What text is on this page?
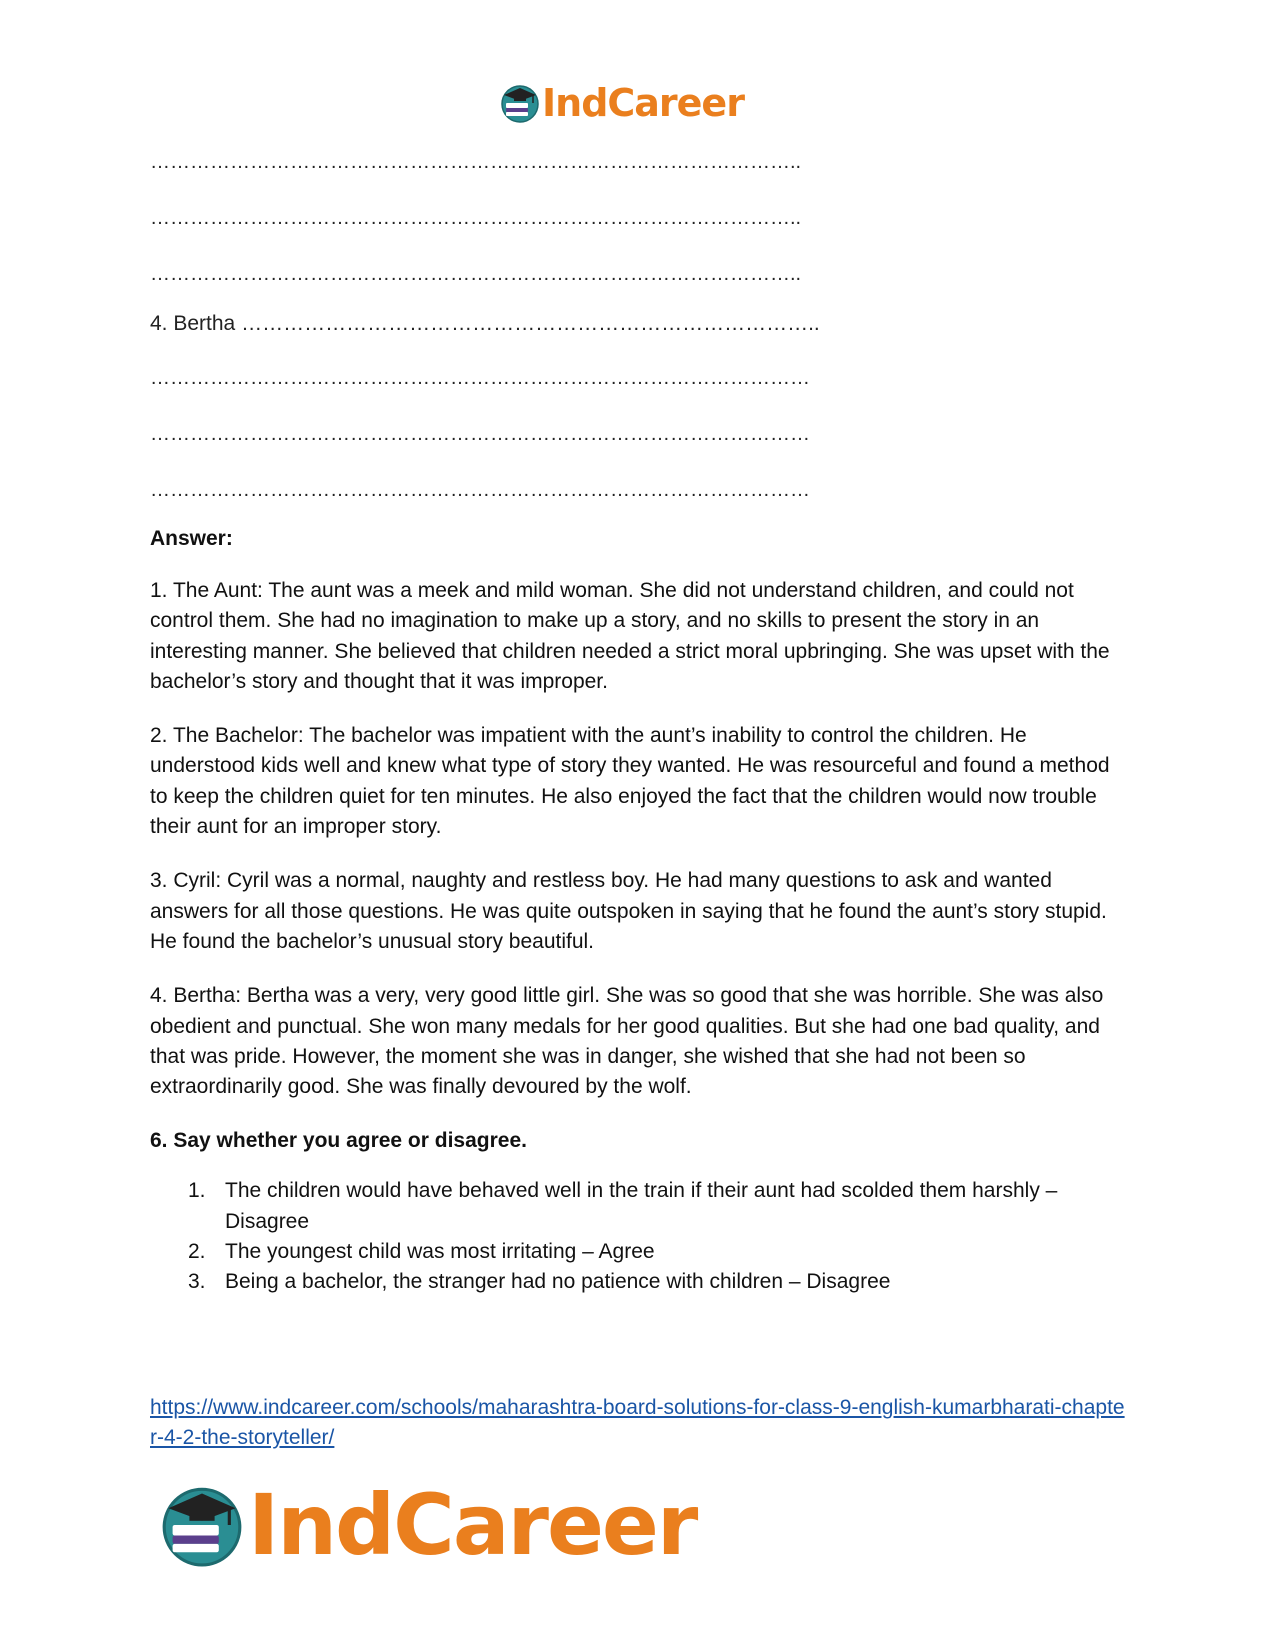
IndCareer
……………………………………………………………………………………..
……………………………………………………………………………………..
……………………………………………………………………………………..
4. Bertha ………………………………………………………………………..
………………………………………………………………………………………
………………………………………………………………………………………
………………………………………………………………………………………
Answer:

1. The Aunt: The aunt was a meek and mild woman. She did not understand children, and could not control them. She had no imagination to make up a story, and no skills to present the story in an interesting manner. She believed that children needed a strict moral upbringing. She was upset with the bachelor’s story and thought that it was improper.

2. The Bachelor: The bachelor was impatient with the aunt’s inability to control the children. He understood kids well and knew what type of story they wanted. He was resourceful and found a method to keep the children quiet for ten minutes. He also enjoyed the fact that the children would now trouble their aunt for an improper story.

3. Cyril: Cyril was a normal, naughty and restless boy. He had many questions to ask and wanted answers for all those questions. He was quite outspoken in saying that he found the aunt’s story stupid. He found the bachelor’s unusual story beautiful.

4. Bertha: Bertha was a very, very good little girl. She was so good that she was horrible. She was also obedient and punctual. She won many medals for her good qualities. But she had one bad quality, and that was pride. However, the moment she was in danger, she wished that she had not been so extraordinarily good. She was finally devoured by the wolf.

6. Say whether you agree or disagree.
1. The children would have behaved well in the train if their aunt had scolded them harshly – Disagree
2. The youngest child was most irritating – Agree
3. Being a bachelor, the stranger had no patience with children – Disagree
https://www.indcareer.com/schools/maharashtra-board-solutions-for-class-9-english-kumarbharati-chapter-4-2-the-storyteller/
IndCareer
